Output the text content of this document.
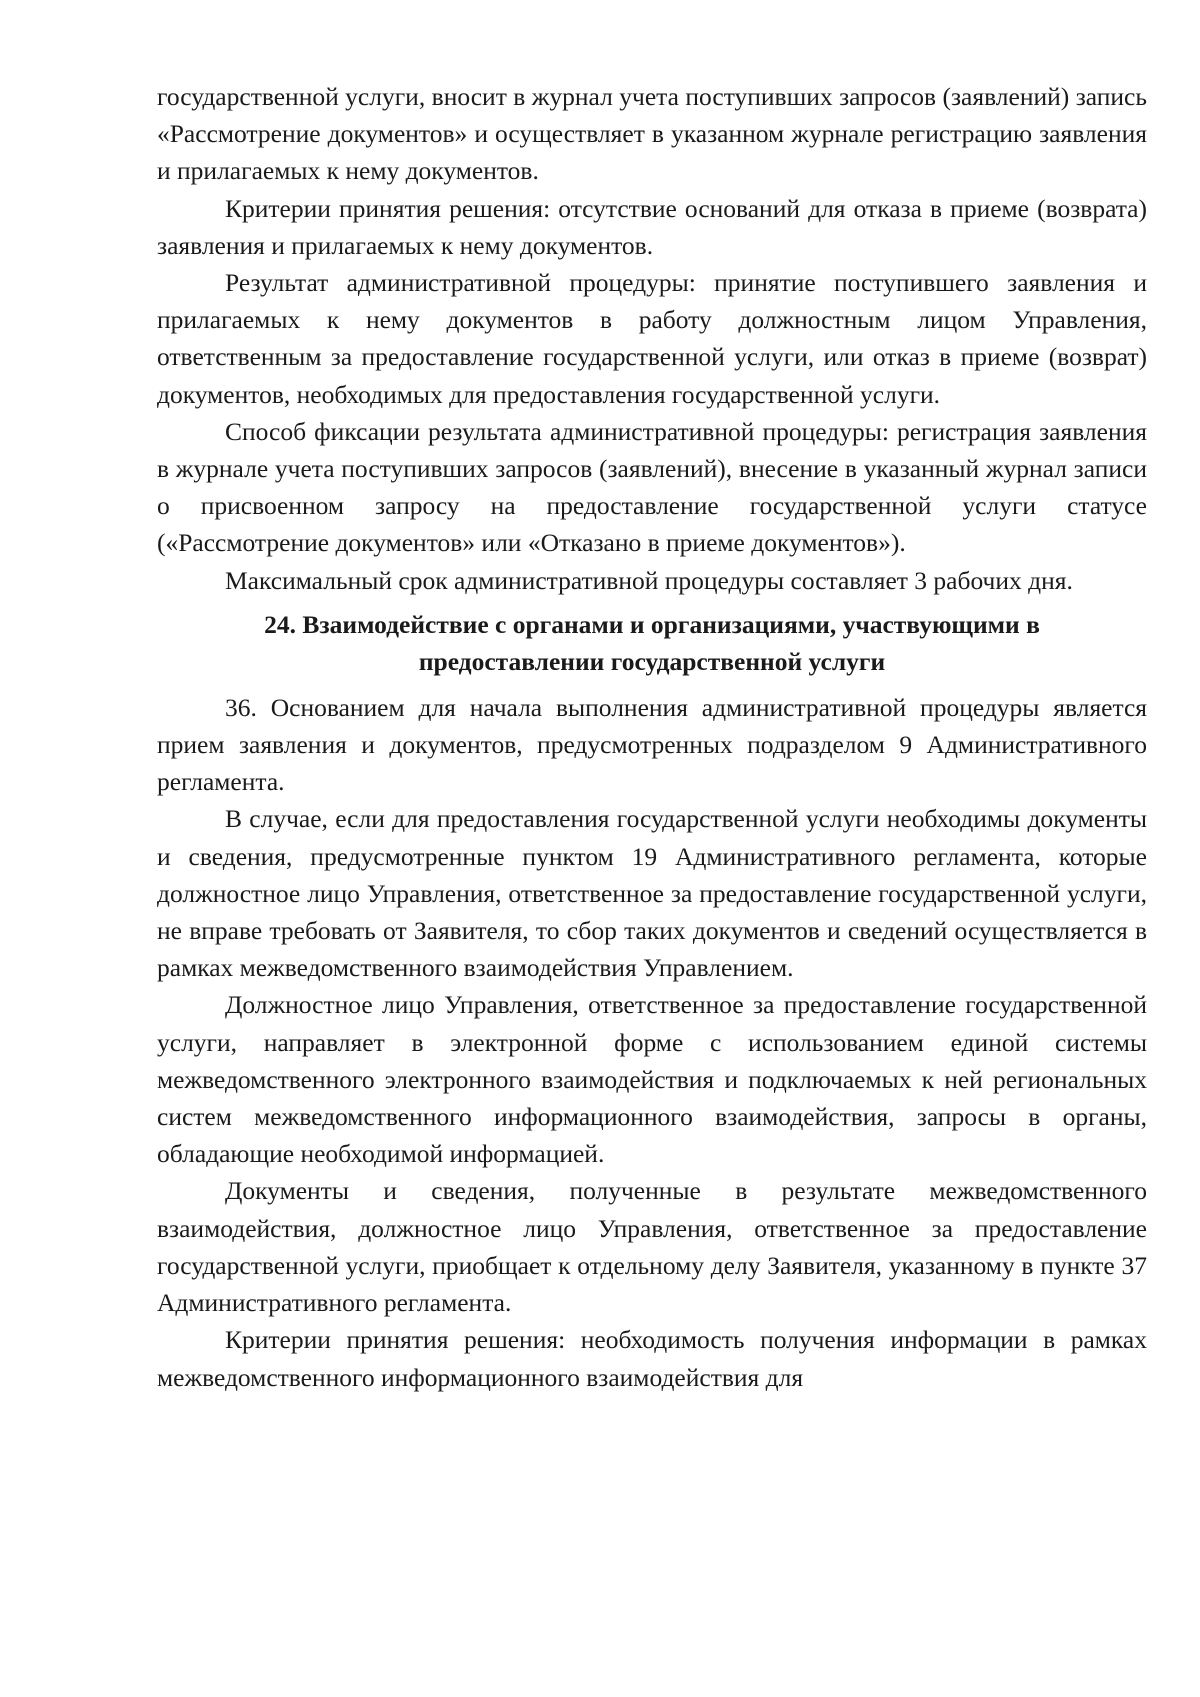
государственной услуги, вносит в журнал учета поступивших запросов (заявлений) запись «Рассмотрение документов» и осуществляет в указанном журнале регистрацию заявления и прилагаемых к нему документов.

Критерии принятия решения: отсутствие оснований для отказа в приеме (возврата) заявления и прилагаемых к нему документов.

Результат административной процедуры: принятие поступившего заявления и прилагаемых к нему документов в работу должностным лицом Управления, ответственным за предоставление государственной услуги, или отказ в приеме (возврат) документов, необходимых для предоставления государственной услуги.

Способ фиксации результата административной процедуры: регистрация заявления в журнале учета поступивших запросов (заявлений), внесение в указанный журнал записи о присвоенном запросу на предоставление государственной услуги статусе («Рассмотрение документов» или «Отказано в приеме документов»).

Максимальный срок административной процедуры составляет 3 рабочих дня.

24. Взаимодействие с органами и организациями, участвующими в
предоставлении государственной услуги

36. Основанием для начала выполнения административной процедуры является прием заявления и документов, предусмотренных подразделом 9 Административного регламента.

В случае, если для предоставления государственной услуги необходимы документы и сведения, предусмотренные пунктом 19 Административного регламента, которые должностное лицо Управления, ответственное за предоставление государственной услуги, не вправе требовать от Заявителя, то сбор таких документов и сведений осуществляется в рамках межведомственного взаимодействия Управлением.

Должностное лицо Управления, ответственное за предоставление государственной услуги, направляет в электронной форме с использованием единой системы межведомственного электронного взаимодействия и подключаемых к ней региональных систем межведомственного информационного взаимодействия, запросы в органы, обладающие необходимой информацией.

Документы и сведения, полученные в результате межведомственного взаимодействия, должностное лицо Управления, ответственное за предоставление государственной услуги, приобщает к отдельному делу Заявителя, указанному в пункте 37 Административного регламента.

Критерии принятия решения: необходимость получения информации в рамках межведомственного информационного взаимодействия для
